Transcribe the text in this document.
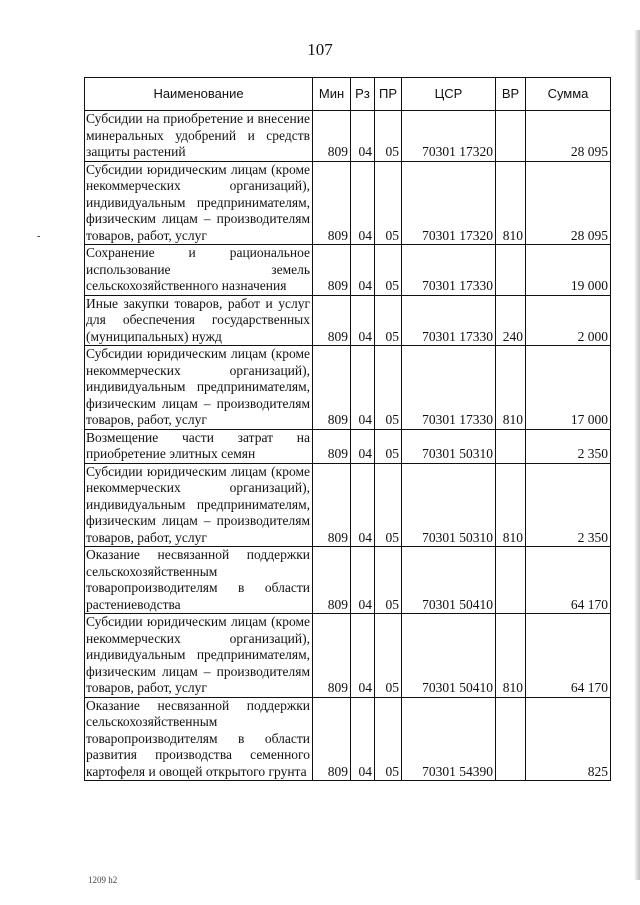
107
-
Наименование	Мин	Рз	ПР	ЦСР	ВР	Сумма
Субсидии на приобретение и внесение минеральных удобрений и средств защиты растений	809	04	05	70301 17320		28 095
Субсидии юридическим лицам (кроме некоммерческих организаций), индивидуальным предпринимателям, физическим лицам – производителям товаров, работ, услуг	809	04	05	70301 17320	810	28 095
Сохранение и рациональное использование земель сельскохозяйственного назначения	809	04	05	70301 17330		19 000
Иные закупки товаров, работ и услуг для обеспечения государственных (муниципальных) нужд	809	04	05	70301 17330	240	2 000
Субсидии юридическим лицам (кроме некоммерческих организаций), индивидуальным предпринимателям, физическим лицам – производителям товаров, работ, услуг	809	04	05	70301 17330	810	17 000
Возмещение части затрат на приобретение элитных семян	809	04	05	70301 50310		2 350
Субсидии юридическим лицам (кроме некоммерческих организаций), индивидуальным предпринимателям, физическим лицам – производителям товаров, работ, услуг	809	04	05	70301 50310	810	2 350
Оказание несвязанной поддержки сельскохозяйственным товаропроизводителям в области растениеводства	809	04	05	70301 50410		64 170
Субсидии юридическим лицам (кроме некоммерческих организаций), индивидуальным предпринимателям, физическим лицам – производителям товаров, работ, услуг	809	04	05	70301 50410	810	64 170
Оказание несвязанной поддержки сельскохозяйственным товаропроизводителям в области развития производства семенного картофеля и овощей открытого грунта	809	04	05	70301 54390		825
1209 h2
